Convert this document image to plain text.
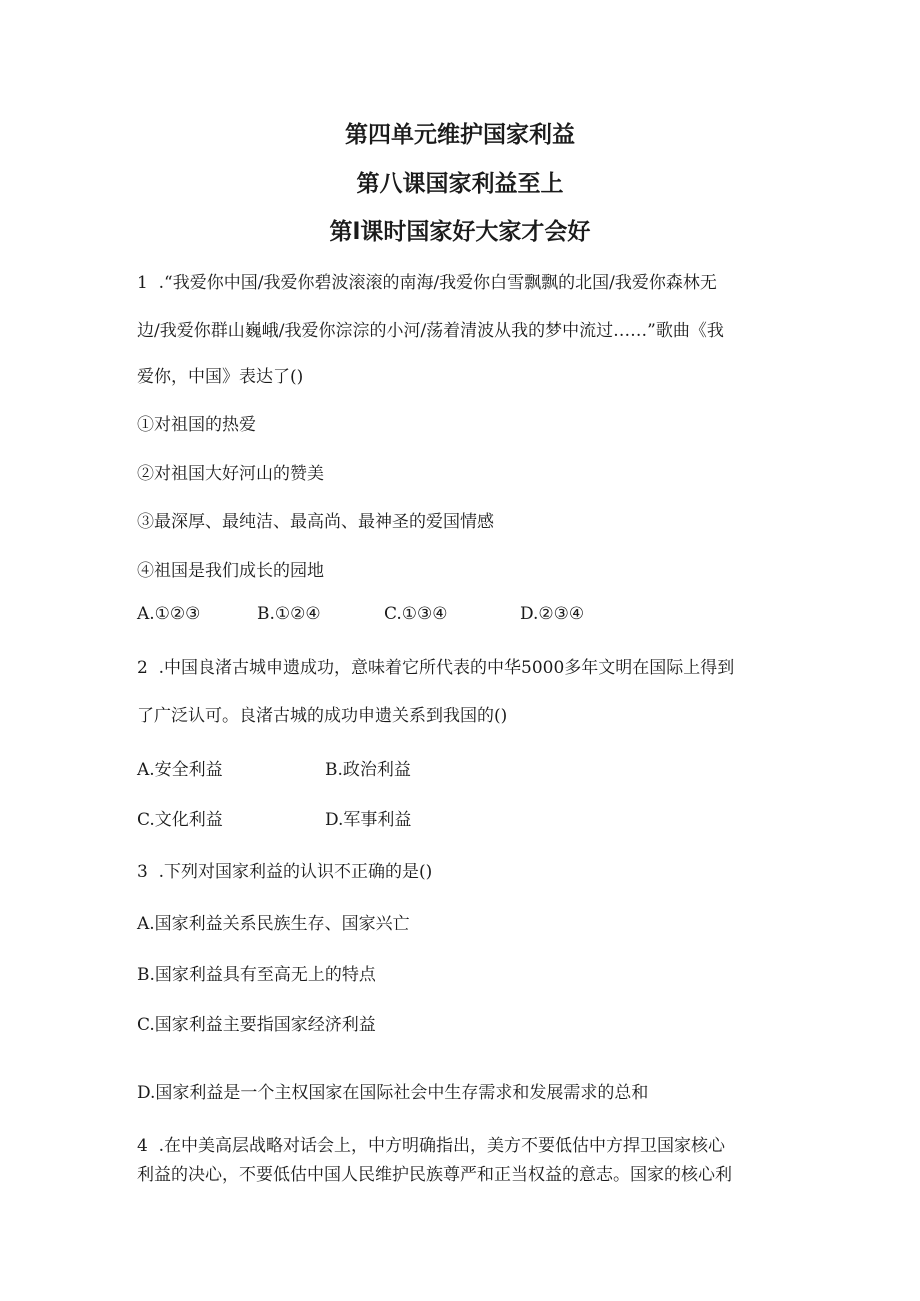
第四单元维护国家利益
第八课国家利益至上
第l课时国家好大家才会好
1  .“我爱你中国/我爱你碧波滚滚的南海/我爱你白雪飘飘的北国/我爱你森林无
边/我爱你群山巍峨/我爱你淙淙的小河/荡着清波从我的梦中流过……”歌曲《我
爱你，中国》表达了()
①对祖国的热爱
②对祖国大好河山的赞美
③最深厚、最纯洁、最高尚、最神圣的爱国情感
④祖国是我们成长的园地
A.①②③	B.①②④	C.①③④	D.②③④
2  .中国良渚古城申遗成功，意味着它所代表的中华5000多年文明在国际上得到
了广泛认可。良渚古城的成功申遗关系到我国的()
A.安全利益	B.政治利益
C.文化利益	D.军事利益
3  .下列对国家利益的认识不正确的是()
A.国家利益关系民族生存、国家兴亡
B.国家利益具有至高无上的特点
C.国家利益主要指国家经济利益
D.国家利益是一个主权国家在国际社会中生存需求和发展需求的总和
4  .在中美高层战略对话会上，中方明确指出，美方不要低估中方捍卫国家核心
利益的决心，不要低估中国人民维护民族尊严和正当权益的意志。国家的核心利
